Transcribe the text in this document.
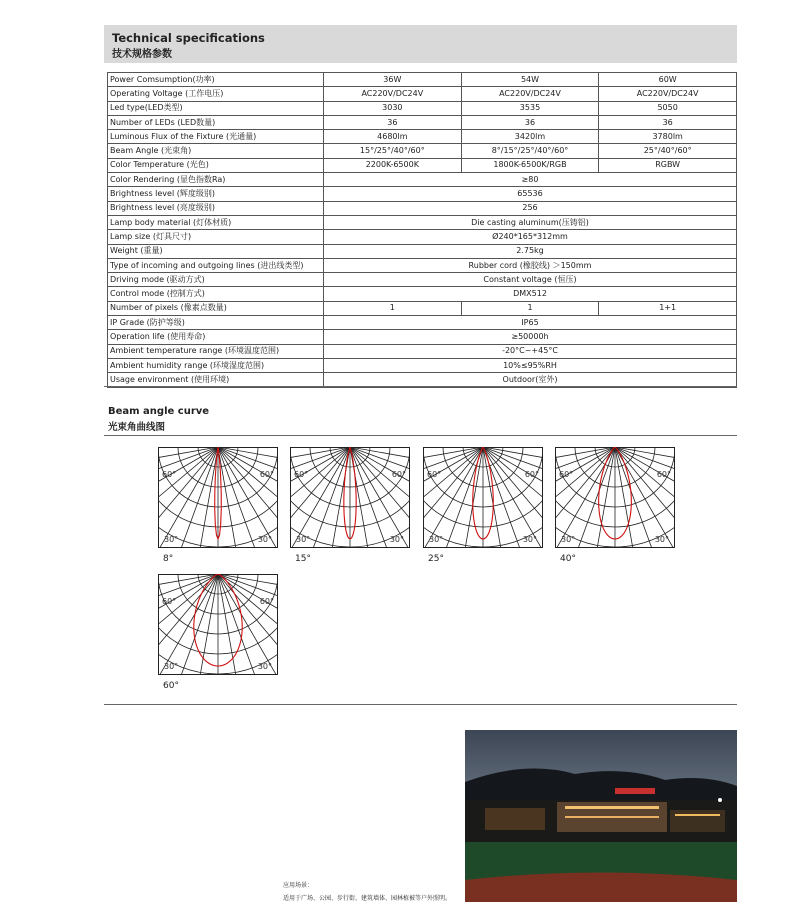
Technical specifications
技术规格参数
Power Comsumption(功率)	36W	54W	60W
Operating Voltage (工作电压)	AC220V/DC24V	AC220V/DC24V	AC220V/DC24V
Led type(LED类型)	3030	3535	5050
Number of LEDs (LED数量)	36	36	36
Luminous Flux of the Fixture (光通量)	4680lm	3420lm	3780lm
Beam Angle (光束角)	15°/25°/40°/60°	8°/15°/25°/40°/60°	25°/40°/60°
Color Temperature (光色)	2200K-6500K	1800K-6500K/RGB	RGBW
Color Rendering (显色指数Ra)	≥80		
Brightness level (辉度级别)	65536		
Brightness level (亮度级别)	256		
Lamp body material (灯体材质)	Die casting aluminum(压铸铝)		
Lamp size (灯具尺寸)	Ø240*165*312mm		
Weight (重量)	2.75kg		
Type of incoming and outgoing lines (进出线类型)	Rubber cord (橡胶线) ＞150mm		
Driving mode (驱动方式)	Constant voltage (恒压)		
Control mode (控制方式)	DMX512		
Number of pixels (像素点数量)	1	1	1+1
IP Grade (防护等级)	IP65		
Operation life (使用寿命)	≥50000h		
Ambient temperature range (环境温度范围)	-20°C~+45°C		
Ambient humidity range (环境湿度范围)	10%≤95%RH		
Usage environment (使用环境)	Outdoor(室外)		
Beam angle curve
光束角曲线图
60°	60°
30°	30°
8°
60°	60°
30°	30°
15°
60°	60°
30°	30°
25°
60°	60°
30°	30°
40°
60°	60°
30°	30°
60°
应用场景：
适用于广场、公园、步行街、建筑墙体、园林植被等户外照明。
